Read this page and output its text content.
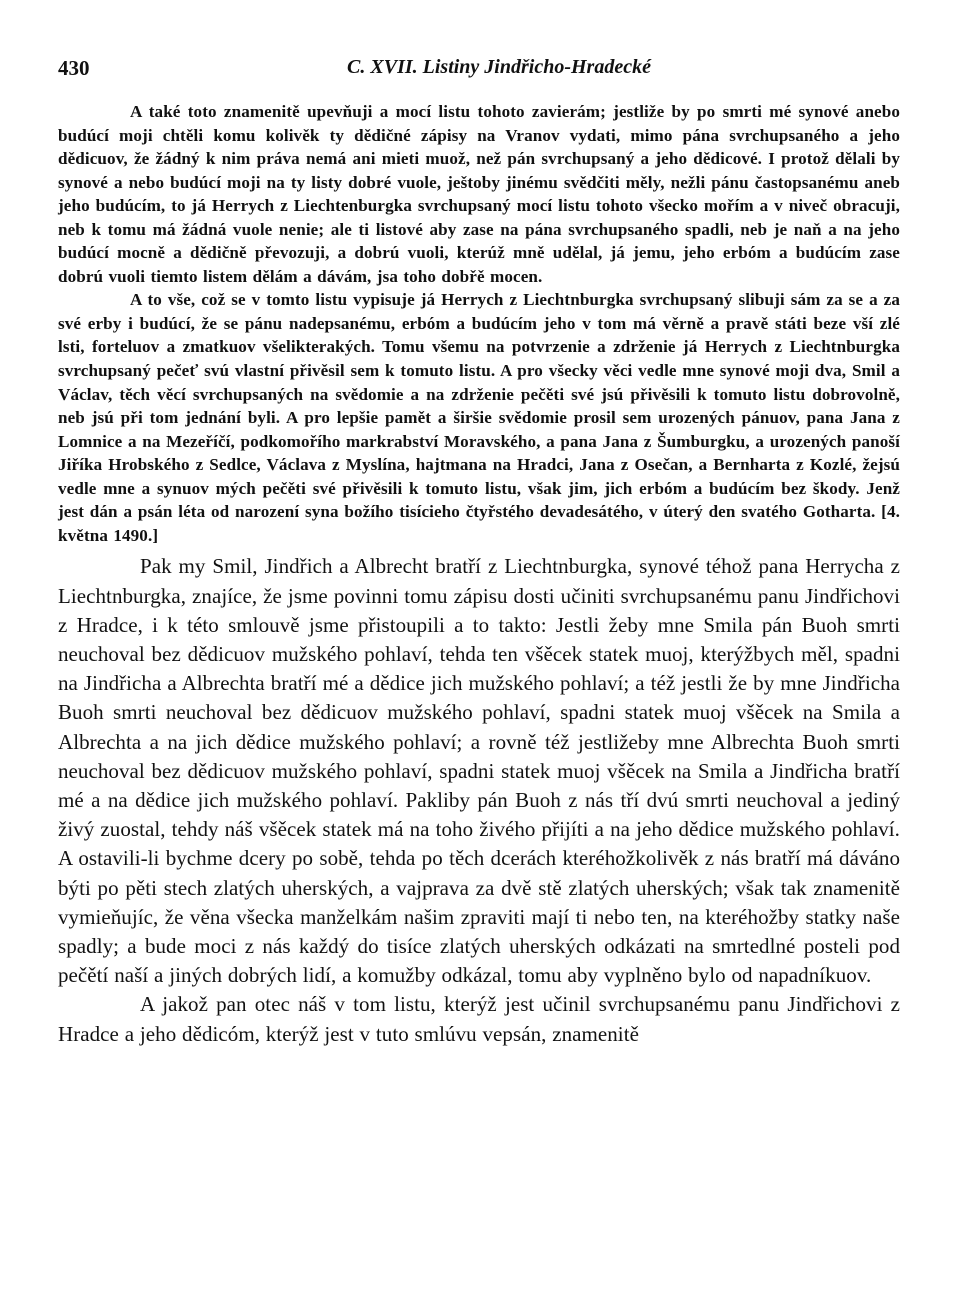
430	C. XVII. Listiny Jindřicho-Hradecké

A také toto znamenitě upevňuji a mocí listu tohoto zavierám; jestliže by po smrti mé synové anebo budúcí moji chtěli komu kolivěk ty dědičné zápisy na Vranov vydati, mimo pána svrchupsaného a jeho dědicuov, že žádný k nim práva nemá ani mieti muož, než pán svrchupsaný a jeho dědicové. I protož dělali by synové a nebo budúcí moji na ty listy dobré vuole, ještoby jinému svědčiti měly, nežli pánu častopsanému aneb jeho budúcím, to já Herrych z Liechtenburgka svrchupsaný mocí listu tohoto všecko mořím a v niveč obracuji, neb k tomu má žádná vuole nenie; ale ti listové aby zase na pána svrchupsaného spadli, neb je naň a na jeho budúcí mocně a dědičně převozuji, a dobrú vuoli, kterúž mně udělal, já jemu, jeho erbóm a budúcím zase dobrú vuoli tiemto listem dělám a dávám, jsa toho dobřě mocen.

A to vše, což se v tomto listu vypisuje já Herrych z Liechtnburgka svrchupsaný slibuji sám za se a za své erby i budúcí, že se pánu nadepsanému, erbóm a budúcím jeho v tom má věrně a pravě státi beze vší zlé lsti, forteluov a zmatkuov všelikterakých. Tomu všemu na potvrzenie a zdrženie já Herrych z Liechtnburgka svrchupsaný pečeť svú vlastní přivěsil sem k tomuto listu. A pro všecky věci vedle mne synové moji dva, Smil a Václav, těch věcí svrchupsaných na svědomie a na zdrženie pečěti své jsú přivěsili k tomuto listu dobrovolně, neb jsú při tom jednání byli. A pro lepšie pamět a širšie svědomie prosil sem urozených pánuov, pana Jana z Lomnice a na Mezeříčí, podkomořího markrabství Moravského, a pana Jana z Šumburgku, a urozených panoší Jiříka Hrobského z Sedlce, Václava z Myslína, hajtmana na Hradci, Jana z Osečan, a Bernharta z Kozlé, žejsú vedle mne a synuov mých pečěti své přivěsili k tomuto listu, však jim, jich erbóm a budúcím bez škody. Jenž jest dán a psán léta od narození syna božího tisícieho čtyřstého devadesátého, v úterý den svatého Gotharta. [4. května 1490.]

Pak my Smil, Jindřich a Albrecht bratří z Liechtnburgka, synové téhož pana Herrycha z Liechtnburgka, znajíce, že jsme povinni tomu zápisu dosti učiniti svrchupsanému panu Jindřichovi z Hradce, i k této smlouvě jsme přistoupili a to takto: Jestli žeby mne Smila pán Buoh smrti neuchoval bez dědicuov mužského pohlaví, tehda ten všěcek statek muoj, kterýžbych měl, spadni na Jindřicha a Albrechta bratří mé a dědice jich mužského pohlaví; a též jestli že by mne Jindřicha Buoh smrti neuchoval bez dědicuov mužského pohlaví, spadni statek muoj všěcek na Smila a Albrechta a na jich dědice mužského pohlaví; a rovně též jestližeby mne Albrechta Buoh smrti neuchoval bez dědicuov mužského pohlaví, spadni statek muoj všěcek na Smila a Jindřicha bratří mé a na dědice jich mužského pohlaví. Pakliby pán Buoh z nás tří dvú smrti neuchoval a jediný živý zuostal, tehdy náš všěcek statek má na toho živého přijíti a na jeho dědice mužského pohlaví. A ostavili-li bychme dcery po sobě, tehda po těch dcerách kteréhožkolivěk z nás bratří má dáváno býti po pěti stech zlatých uherských, a vajprava za dvě stě zlatých uherských; však tak znamenitě vymieňujíc, že věna všecka manželkám našim zpraviti mají ti nebo ten, na kteréhožby statky naše spadly; a bude moci z nás každý do tisíce zlatých uherských odkázati na smrtedlné posteli pod pečětí naší a jiných dobrých lidí, a komužby odkázal, tomu aby vyplněno bylo od napadníkuov.

A jakož pan otec náš v tom listu, kterýž jest učinil svrchupsanému panu Jindřichovi z Hradce a jeho dědicóm, kterýž jest v tuto smlúvu vepsán, znamenitě
